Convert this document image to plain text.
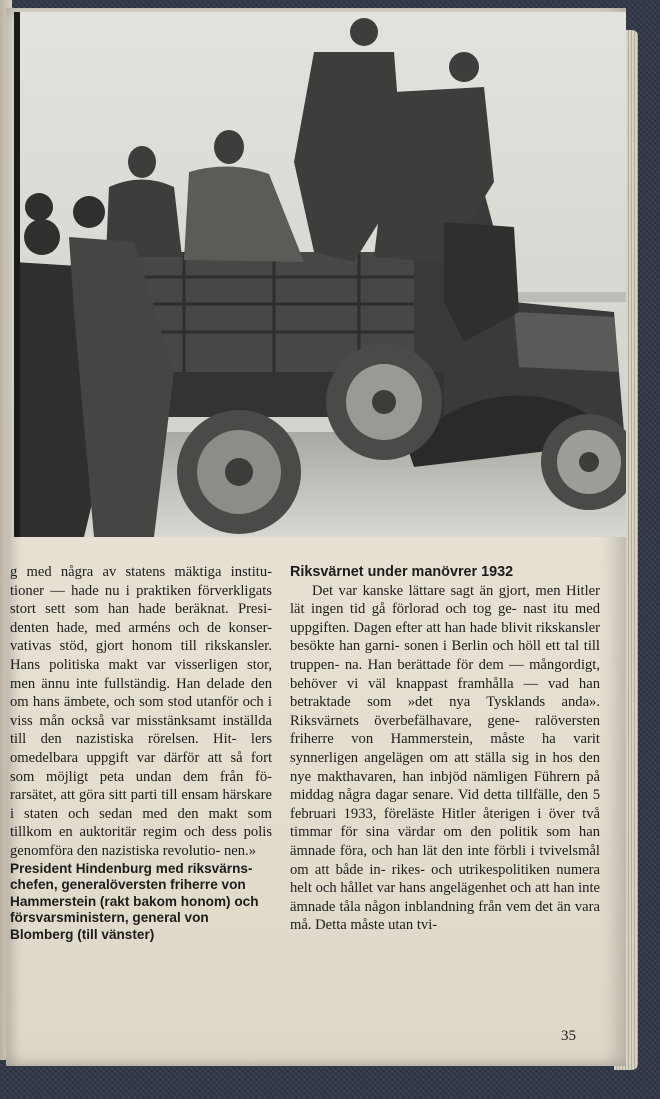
g med några av statens mäktiga institu- tioner — hade nu i praktiken förverkligats stort sett som han hade beräknat. Presi- denten hade, med arméns och de konser- vativas stöd, gjort honom till rikskansler. Hans politiska makt var visserligen stor, men ännu inte fullständig. Han delade den om hans ämbete, och som stod utanför och i viss mån också var misstänksamt inställda till den nazistiska rörelsen. Hit- lers omedelbara uppgift var därför att så fort som möjligt peta undan dem från fö- rarsätet, att göra sitt parti till ensam härskare i staten och sedan med den makt som tillkom en auktoritär regim och dess polis genomföra den nazistiska revolutio- nen.»

President Hindenburg med riksvärns- chefen, generalöversten friherre von Hammerstein (rakt bakom honom) och försvarsministern, general von Blomberg (till vänster)

Riksvärnet under manövrer 1932

Det var kanske lättare sagt än gjort, men Hitler lät ingen tid gå förlorad och tog ge- nast itu med uppgiften. Dagen efter att han hade blivit rikskansler besökte han garni- sonen i Berlin och höll ett tal till truppen- na. Han berättade för dem — mångordigt, behöver vi väl knappast framhålla — vad han betraktade som »det nya Tysklands anda». Riksvärnets överbefälhavare, gene- ralöversten friherre von Hammerstein, måste ha varit synnerligen angelägen om att ställa sig in hos den nye makthavaren, han inbjöd nämligen Führern på middag några dagar senare. Vid detta tillfälle, den 5 februari 1933, föreläste Hitler återigen i över två timmar för sina värdar om den politik som han ämnade föra, och han lät den inte förbli i tvivelsmål om att både in- rikes- och utrikespolitiken numera helt och hållet var hans angelägenhet och att han inte ämnade tåla någon inblandning från vem det än vara må. Detta måste utan tvi-

35
